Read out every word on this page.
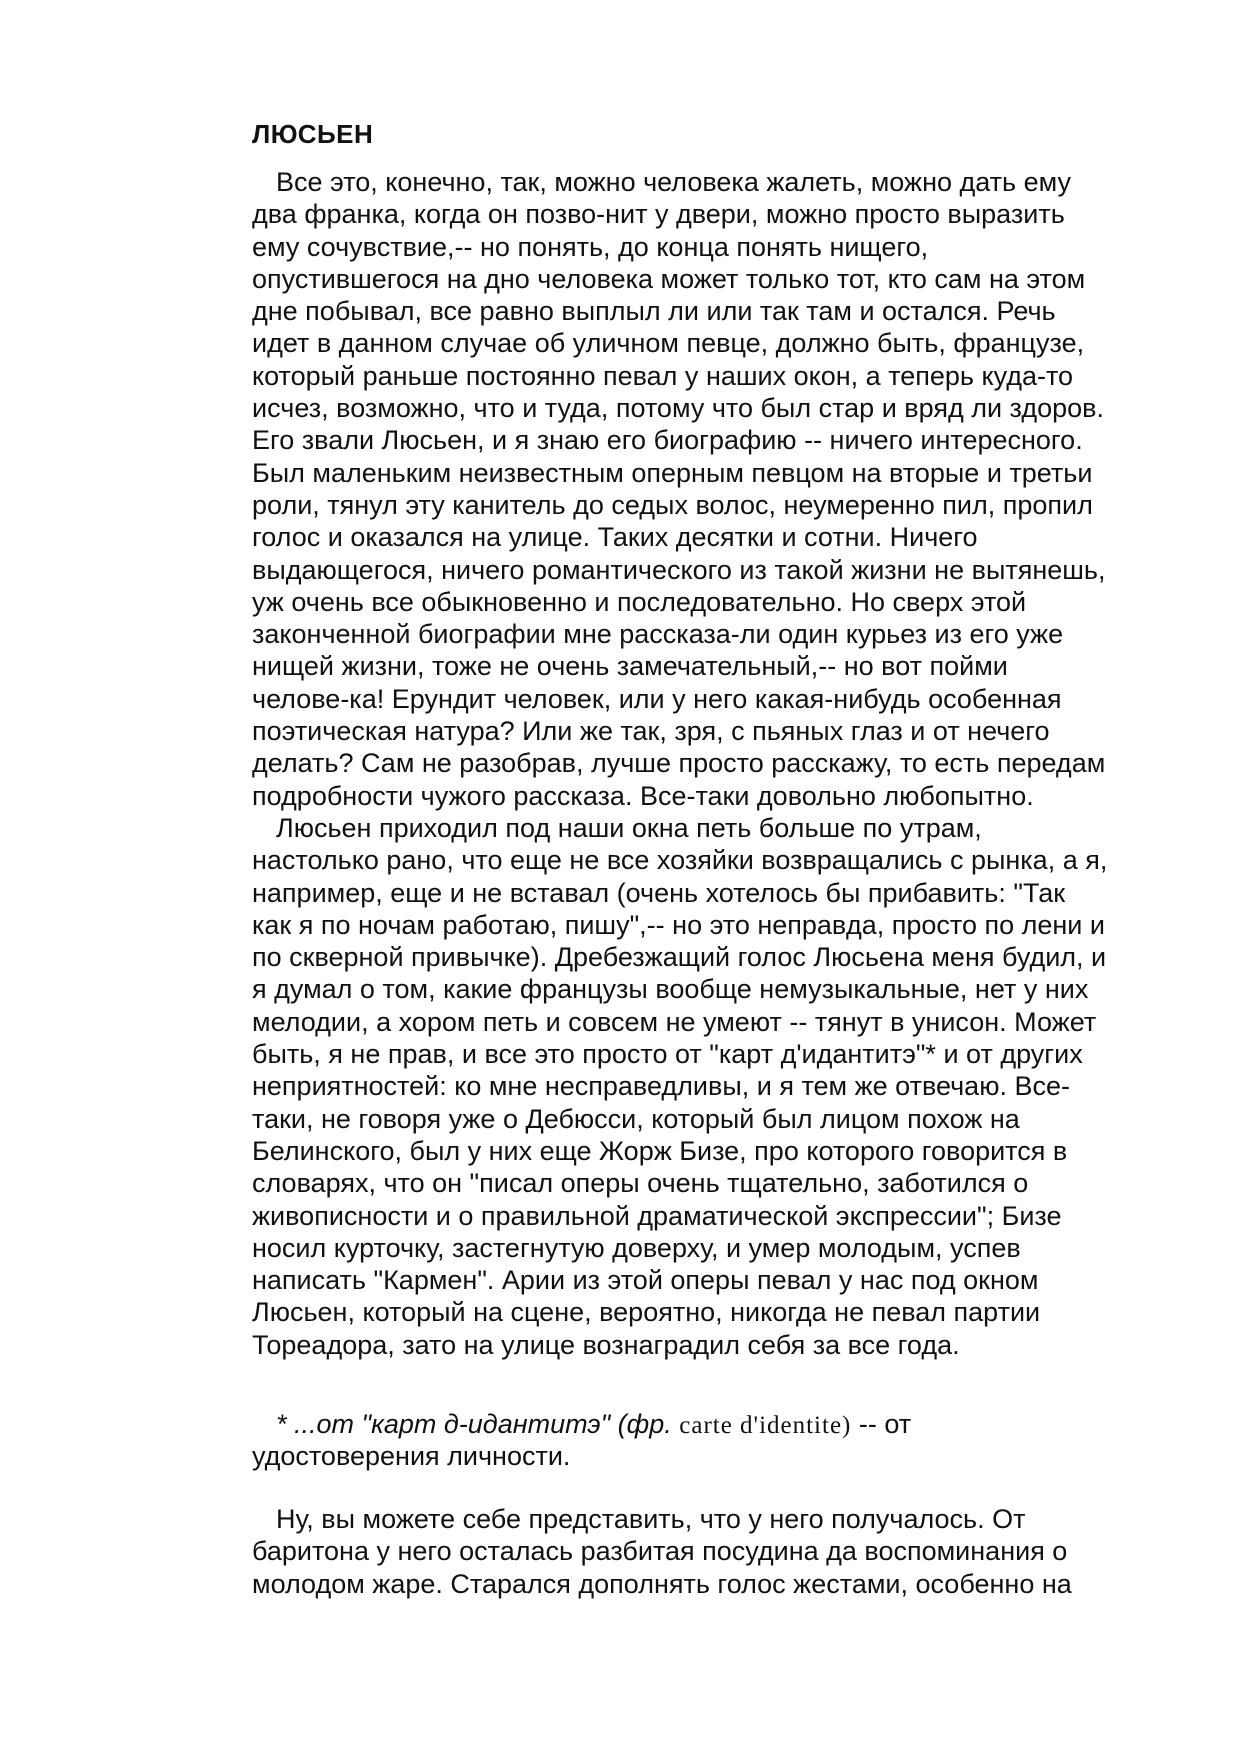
ЛЮСЬЕН
Все это, конечно, так, можно человека жалеть, можно дать ему
два франка, когда он позво-нит у двери, можно просто выразить
ему сочувствие,-- но понять, до конца понять нищего,
опустившегося на дно человека может только тот, кто сам на этом
дне побывал, все равно выплыл ли или так там и остался. Речь
идет в данном случае об уличном певце, должно быть, французе,
который раньше постоянно певал у наших окон, а теперь куда-то
исчез, возможно, что и туда, потому что был стар и вряд ли здоров.
Его звали Люсьен, и я знаю его биографию -- ничего интересного.
Был маленьким неизвестным оперным певцом на вторые и третьи
роли, тянул эту канитель до седых волос, неумеренно пил, пропил
голос и оказался на улице. Таких десятки и сотни. Ничего
выдающегося, ничего романтического из такой жизни не вытянешь,
уж очень все обыкновенно и последовательно. Но сверх этой
законченной биографии мне рассказа-ли один курьез из его уже
нищей жизни, тоже не очень замечательный,-- но вот пойми
челове-ка! Ерундит человек, или у него какая-нибудь особенная
поэтическая натура? Или же так, зря, с пьяных глаз и от нечего
делать? Сам не разобрав, лучше просто расскажу, то есть передам
подробности чужого рассказа. Все-таки довольно любопытно.
Люсьен приходил под наши окна петь больше по утрам,
настолько рано, что еще не все хозяйки возвращались с рынка, а я,
например, еще и не вставал (очень хотелось бы прибавить: "Так
как я по ночам работаю, пишу",-- но это неправда, просто по лени и
по скверной привычке). Дребезжащий голос Люсьена меня будил, и
я думал о том, какие французы вообще немузыкальные, нет у них
мелодии, а хором петь и совсем не умеют -- тянут в унисон. Может
быть, я не прав, и все это просто от "карт д'идантитэ"* и от других
неприятностей: ко мне несправедливы, и я тем же отвечаю. Все-
таки, не говоря уже о Дебюсси, который был лицом похож на
Белинского, был у них еще Жорж Бизе, про которого говорится в
словарях, что он "писал оперы очень тщательно, заботился о
живописности и о правильной драматической экспрессии"; Бизе
носил курточку, застегнутую доверху, и умер молодым, успев
написать "Кармен". Арии из этой оперы певал у нас под окном
Люсьен, который на сцене, вероятно, никогда не певал партии
Тореадора, зато на улице вознаградил себя за все года.
* ...от "карт д-идантитэ" (фр. carte d'identite) -- от
удостоверения личности.
Ну, вы можете себе представить, что у него получалось. От
баритона у него осталась разбитая посудина да воспоминания о
молодом жаре. Старался дополнять голос жестами, особенно на
